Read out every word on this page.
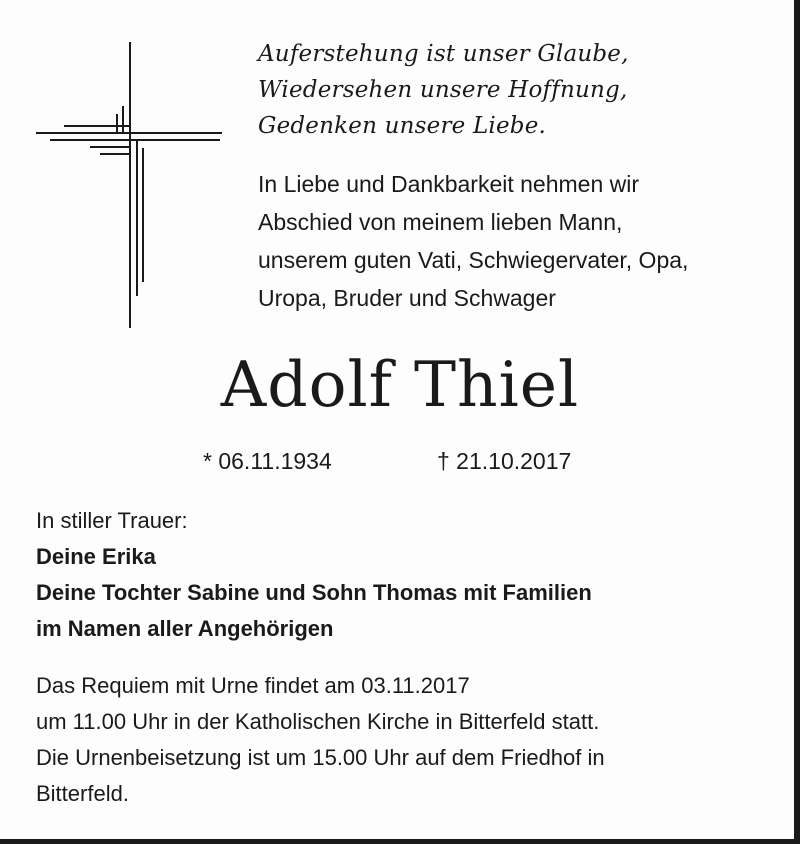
Auferstehung ist unser Glaube,
Wiedersehen unsere Hoffnung,
Gedenken unsere Liebe.
In Liebe und Dankbarkeit nehmen wir
Abschied von meinem lieben Mann,
unserem guten Vati, Schwiegervater, Opa,
Uropa, Bruder und Schwager
Adolf Thiel
* 06.11.1934	† 21.10.2017
In stiller Trauer:
Deine Erika
Deine Tochter Sabine und Sohn Thomas mit Familien
im Namen aller Angehörigen
Das Requiem mit Urne findet am 03.11.2017
um 11.00 Uhr in der Katholischen Kirche in Bitterfeld statt.
Die Urnenbeisetzung ist um 15.00 Uhr auf dem Friedhof in
Bitterfeld.
